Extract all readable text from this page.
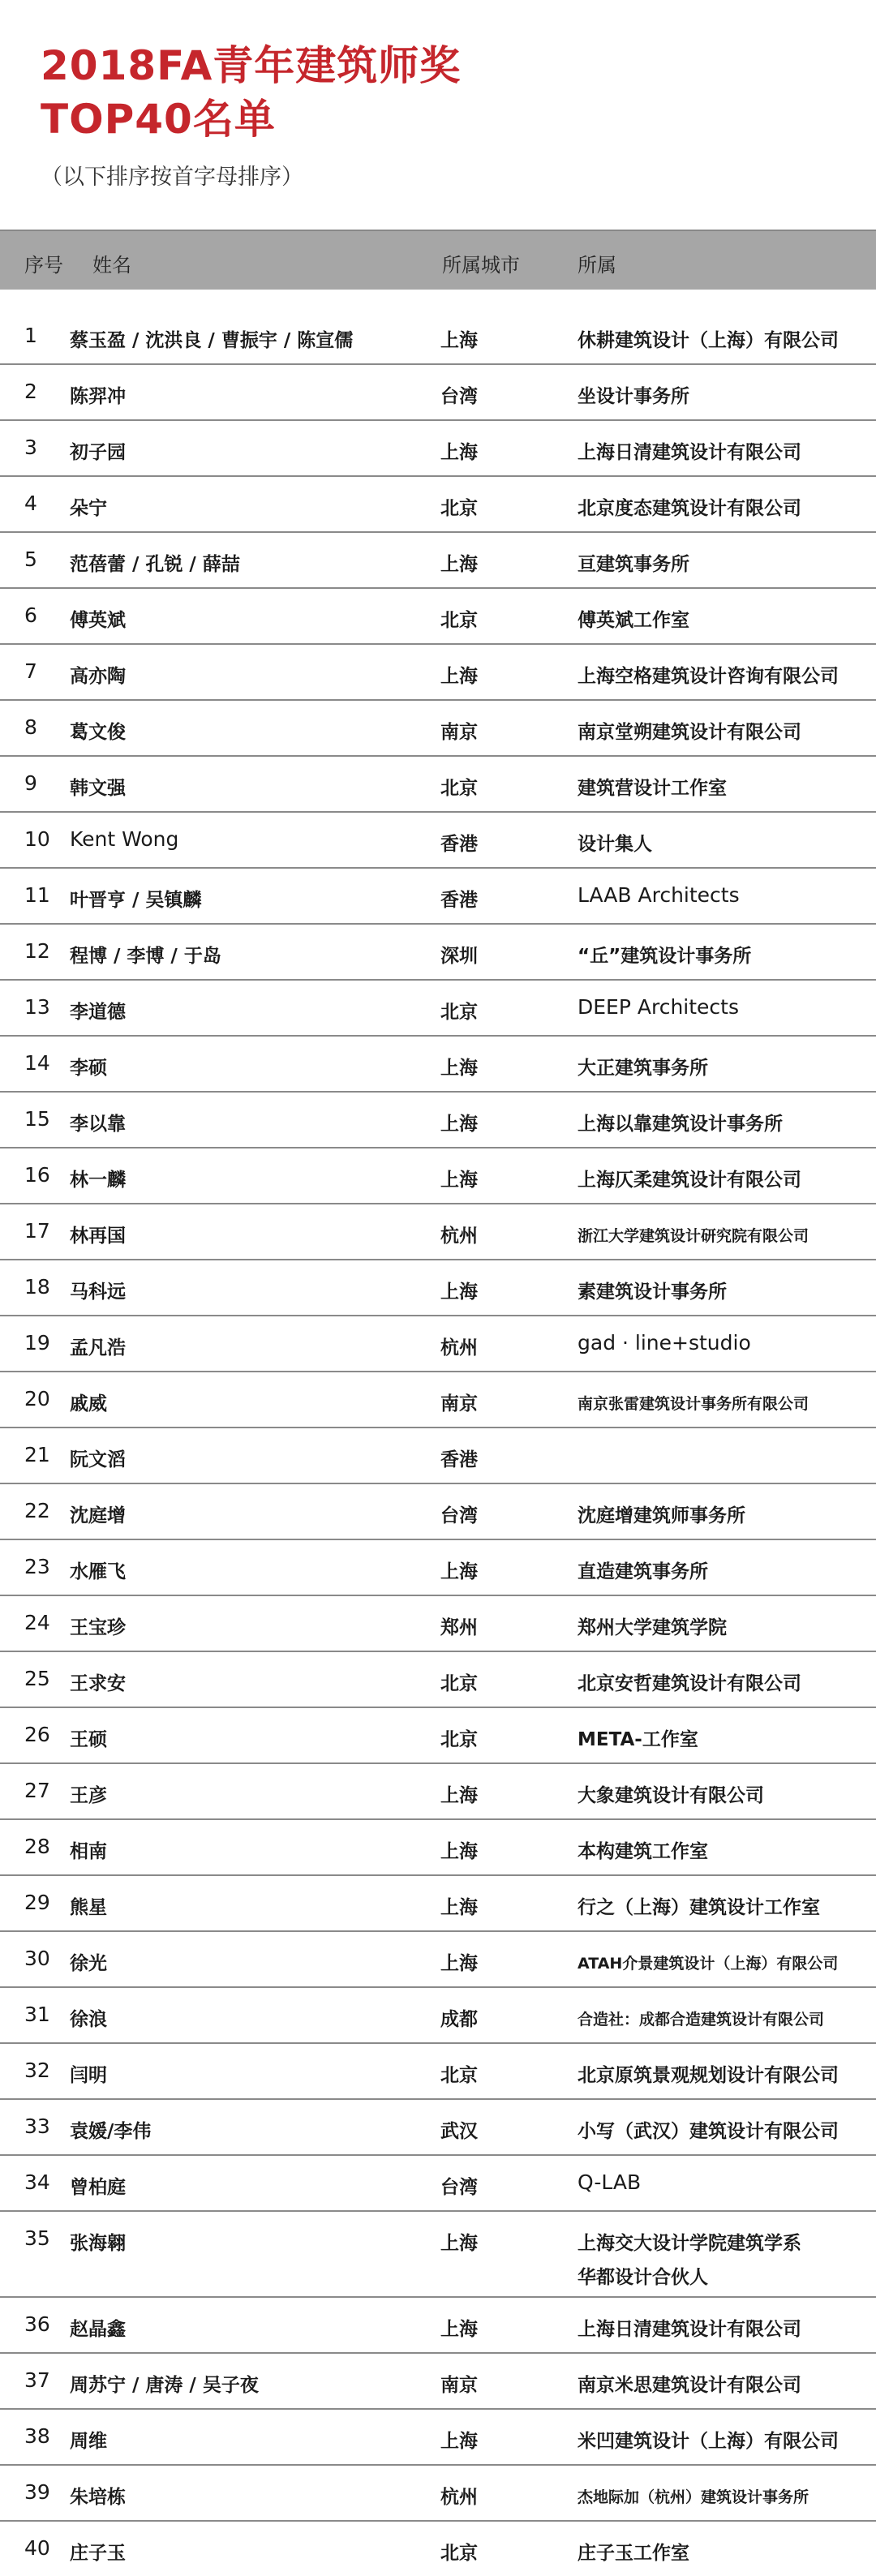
2018FA青年建筑师奖
TOP40名单
（以下排序按首字母排序）
序号 姓名	所属城市	所属
1 蔡玉盈 / 沈洪良 / 曹振宇 / 陈宣儒	上海	休耕建筑设计（上海）有限公司
2 陈羿冲	台湾	坐设计事务所
3 初子园	上海	上海日清建筑设计有限公司
4 朵宁	北京	北京度态建筑设计有限公司
5 范蓓蕾 / 孔锐 / 薛喆	上海	亘建筑事务所
6 傅英斌	北京	傅英斌工作室
7 高亦陶	上海	上海空格建筑设计咨询有限公司
8 葛文俊	南京	南京堂朔建筑设计有限公司
9 韩文强	北京	建筑营设计工作室
10 Kent Wong	香港	设计集人
11 叶晋亨 / 吴镇麟	香港	LAAB Architects
12 程博 / 李博 / 于岛	深圳	“丘”建筑设计事务所
13 李道德	北京	DEEP Architects
14 李硕	上海	大正建筑事务所
15 李以靠	上海	上海以靠建筑设计事务所
16 林一麟	上海	上海仄柔建筑设计有限公司
17 林再国	杭州	浙江大学建筑设计研究院有限公司
18 马科远	上海	素建筑设计事务所
19 孟凡浩	杭州	gad · line+studio
20 戚威	南京	南京张雷建筑设计事务所有限公司
21 阮文滔	香港
22 沈庭增	台湾	沈庭增建筑师事务所
23 水雁飞	上海	直造建筑事务所
24 王宝珍	郑州	郑州大学建筑学院
25 王求安	北京	北京安哲建筑设计有限公司
26 王硕	北京	META-工作室
27 王彦	上海	大象建筑设计有限公司
28 相南	上海	本构建筑工作室
29 熊星	上海	行之（上海）建筑设计工作室
30 徐光	上海	ATAH介景建筑设计（上海）有限公司
31 徐浪	成都	合造社：成都合造建筑设计有限公司
32 闫明	北京	北京原筑景观规划设计有限公司
33 袁媛/李伟	武汉	小写（武汉）建筑设计有限公司
34 曾柏庭	台湾	Q-LAB
35 张海翱	上海	上海交大设计学院建筑学系
华都设计合伙人
36 赵晶鑫	上海	上海日清建筑设计有限公司
37 周苏宁 / 唐涛 / 吴子夜	南京	南京米思建筑设计有限公司
38 周维	上海	米凹建筑设计（上海）有限公司
39 朱培栋	杭州	杰地际加（杭州）建筑设计事务所
40 庄子玉	北京	庄子玉工作室
